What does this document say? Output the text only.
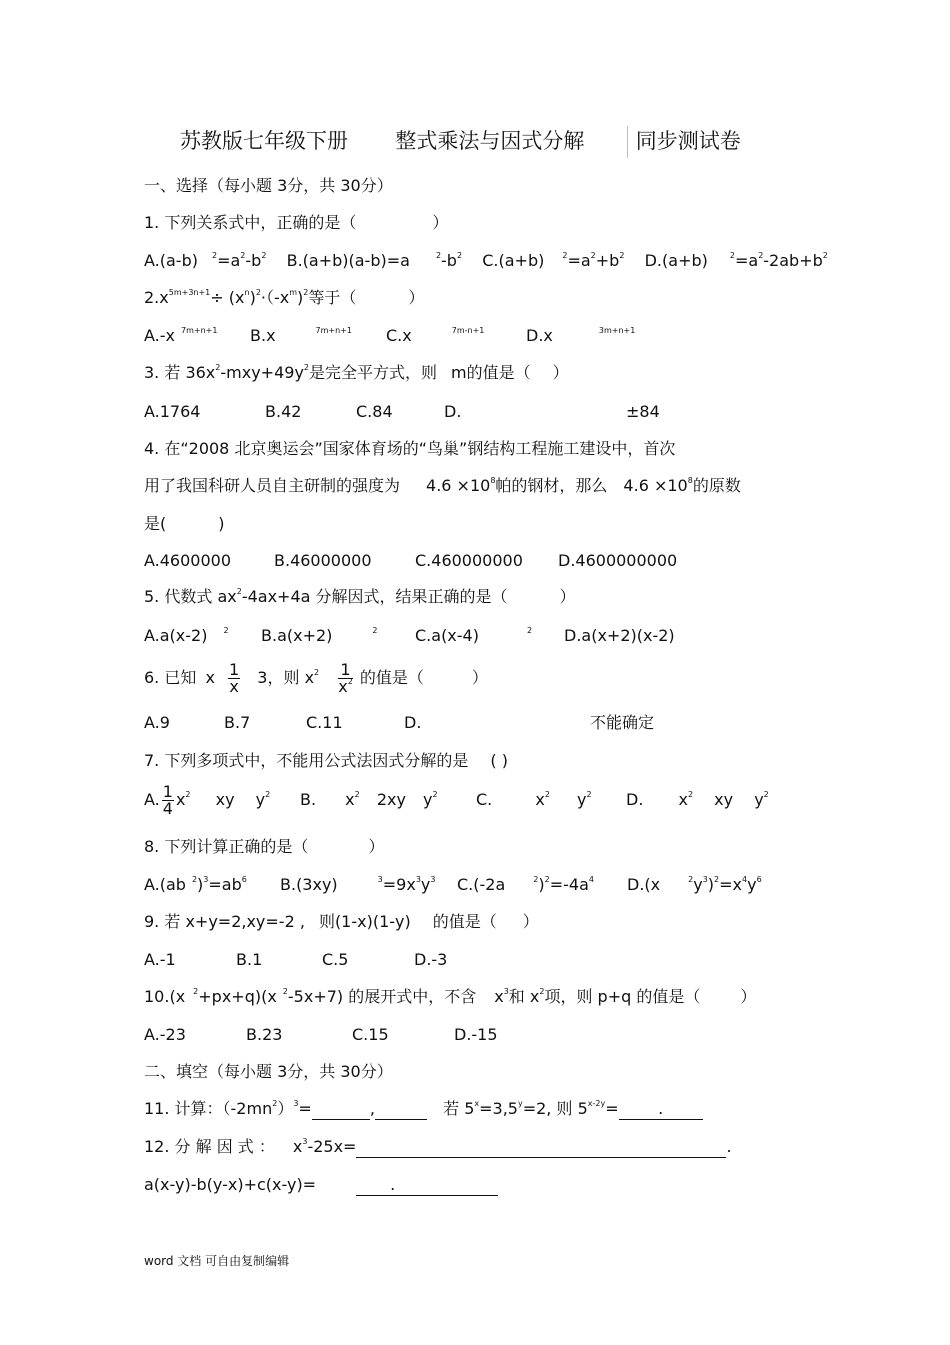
苏教版七年级下册 整式乘法与因式分解 同步测试卷
一、选择（每小题 3分，共 30分）
1. 下列关系式中，正确的是（	）
A.(a-b) $^2=a^2-b^2$ B.(a+b)(a-b)=a	$^2-b^2$ C.(a+b) $^2=a^2+b^2$ D.(a+b)	$^2=a^2-2ab+b^2$
$2.x^{5m+3n+1}\div (x^n)^2\cdot(-x^m)^2$等于（	）
A.-x $^{7m+n+1}$ B.x	$^{7m+n+1}$ C.x	$^{7m-n+1}$	D.x	$^{3m+n+1}$
3. 若 $36x^2-mxy+49y^2$是完全平方式，则 m的值是（ ）
A.1764	B.42	C.84	D.	±84
4. 在“2008 北京奥运会”国家体育场的“鸟巢”钢结构工程施工建设中，首次
用了我国科研人员自主研制的强度为 $4.6 \times 10^8$帕的钢材，那么 $4.6 \times 10^8$的原数
是(	)
A.4600000	B.46000000	C.460000000 D.4600000000
5. 代数式 $ax^2-4ax+4a$ 分解因式，结果正确的是（	）
A.a(x-2) $^2$ B.a(x+2)	$^2$ C.a(x-4)	$^2$ D.a(x+2)(x-2)
6. 已知 x $\frac{1}{x} 3$，则 $x^2 \frac{1}{x^2}$ 的值是（	）
A.9	B.7	C.11	D.	不能确定
7. 下列多项式中，不能用公式法因式分解的是 ( )
A. $\frac{1}{4} x^2$ xy $y^2$ B. $x^2$ 2xy $y^2$ C.	$x^2$ $y^2$ D. $x^2$ xy $y^2$
8. 下列计算正确的是（	）
A.(ab $^2)^3=ab^6$ B.(3xy)	$^3=9x^3y^3$ C.(-2a	$^2)^2=-4a^4$ D.(x	$^2y^3)^2=x^4y^6$
9. 若 x+y=2,xy=-2 , 则(1-x)(1-y) 的值是（ ）
A.-1	B.1	C.5	D.-3
10.(x $^2$+px+q)(x $^2$-5x+7) 的展开式中，不含 $x^3$和 $x^2$项，则 p+q 的值是（	）
A.-23	B.23	C.15	D.-15
二、填空（每小题 3分，共 30分）
11. 计算：$(-2mn^2)^3=$	,	若 $5^x=3,5^y=2$, 则 $5^{x-2y}=$ .
12. 分 解 因 式 ： $x^3-25x=$	.
a(x-y)-b(y-x)+c(x-y)=	.
word 文档 可自由复制编辑
